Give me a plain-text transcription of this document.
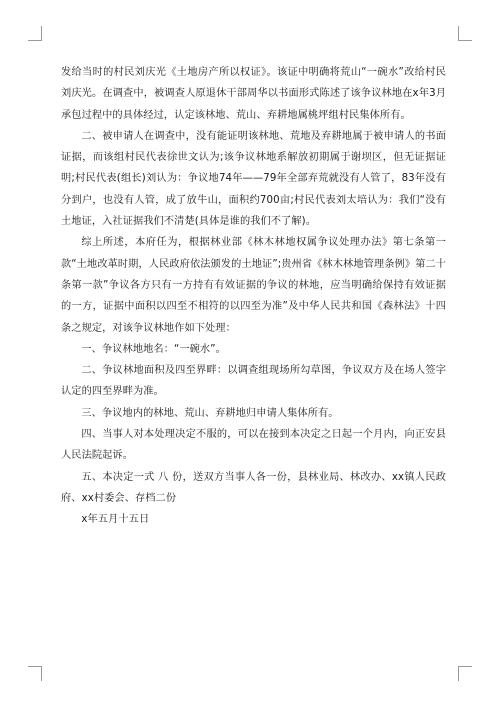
发给当时的村民刘庆光《土地房产所以权证》。该证中明确将荒山“一碗水”改给村民刘庆光。在调查中，被调查人原退休干部周华以书面形式陈述了该争议林地在x年3月承包过程中的具体经过，认定该林地、荒山、弃耕地属桃坪组村民集体所有。

二、被申请人在调查中，没有能证明该林地、荒地及弃耕地属于被申请人的书面证据，而该组村民代表徐世文认为;该争议林地系解放初期属于谢坝区，但无证据证明;村民代表(组长)刘认为：争议地74年——79年全部弃荒就没有人管了，83年没有分到户，也没有人管，成了放牛山，面积约700亩;村民代表刘太培认为：我们“没有土地证，入社证据我们不清楚(具体是谁的我们不了解)。

综上所述，本府任为，根据林业部《林木林地权属争议处理办法》第七条第一款“土地改革时期，人民政府依法颁发的土地证”;贵州省《林木林地管理条例》第二十条第一款”争议各方只有一方持有有效证据的争议的林地，应当明确给保持有效证据的一方，证据中面积以四至不相符的以四至为准”及中华人民共和国《森林法》十四条之规定，对该争议林地作如下处理：

一、争议林地地名：“一碗水”。

二、争议林地面积及四至界畔：以调查组现场所勾草图，争议双方及在场人签字认定的四至界畔为准。

三、争议地内的林地、荒山、弃耕地归申请人集体所有。

四、当事人对本处理决定不服的，可以在接到本决定之日起一个月内，向正安县人民法院起诉。

五、本决定一式 八 份，送双方当事人各一份，县林业局、林改办、xx镇人民政府、xx村委会、存档二份

x年五月十五日
